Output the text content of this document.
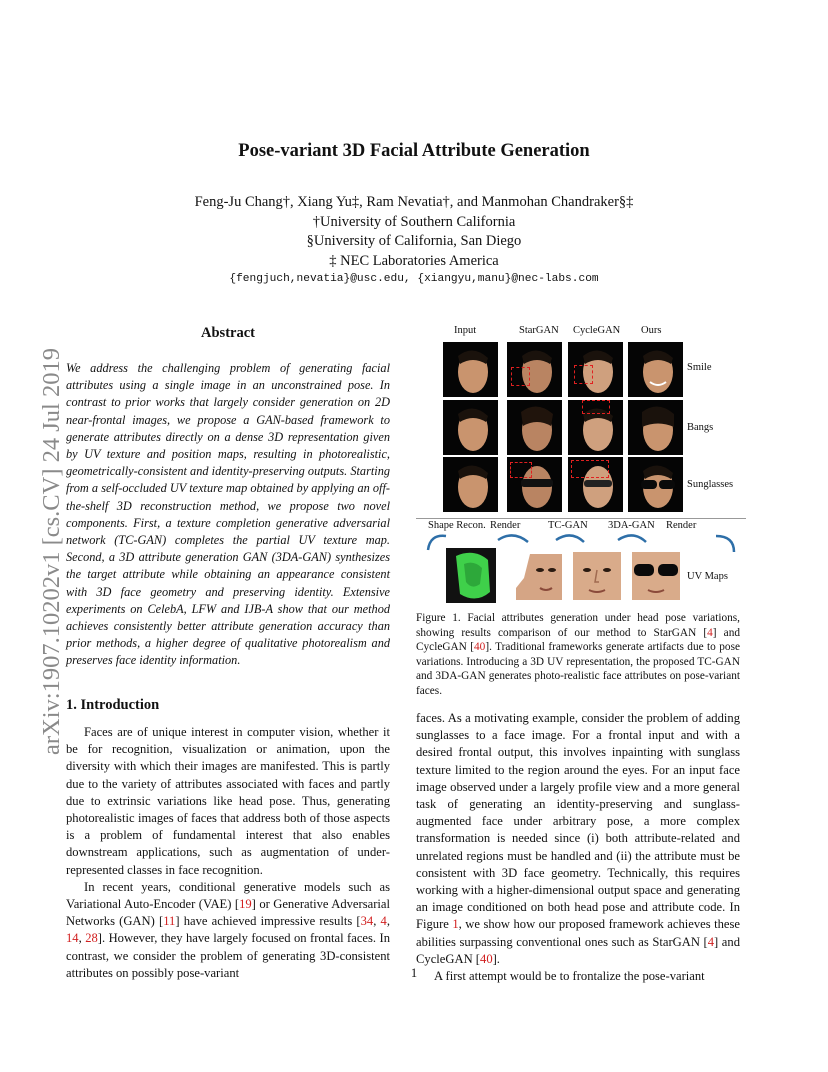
Pose-variant 3D Facial Attribute Generation
Feng-Ju Chang†, Xiang Yu‡, Ram Nevatia†, and Manmohan Chandraker§‡
†University of Southern California
§University of California, San Diego
‡ NEC Laboratories America
{fengjuch,nevatia}@usc.edu, {xiangyu,manu}@nec-labs.com
arXiv:1907.10202v1 [cs.CV] 24 Jul 2019
Abstract
We address the challenging problem of generating facial attributes using a single image in an unconstrained pose. In contrast to prior works that largely consider generation on 2D near-frontal images, we propose a GAN-based framework to generate attributes directly on a dense 3D representation given by UV texture and position maps, resulting in photorealistic, geometrically-consistent and identity-preserving outputs. Starting from a self-occluded UV texture map obtained by applying an off-the-shelf 3D reconstruction method, we propose two novel components. First, a texture completion generative adversarial network (TC-GAN) completes the partial UV texture map. Second, a 3D attribute generation GAN (3DA-GAN) synthesizes the target attribute while obtaining an appearance consistent with 3D face geometry and preserving identity. Extensive experiments on CelebA, LFW and IJB-A show that our method achieves consistently better attribute generation accuracy than prior methods, a higher degree of qualitative photorealism and preserves face identity information.
1. Introduction

Faces are of unique interest in computer vision, whether it be for recognition, visualization or animation, upon the diversity with which their images are manifested. This is partly due to the variety of attributes associated with faces and partly due to extrinsic variations like head pose. Thus, generating photorealistic images of faces that address both of those aspects is a problem of fundamental interest that also enables downstream applications, such as augmentation of under-represented classes in face recognition.

In recent years, conditional generative models such as Variational Auto-Encoder (VAE) [19] or Generative Adversarial Networks (GAN) [11] have achieved impressive results [34, 4, 14, 28]. However, they have largely focused on frontal faces. In contrast, we consider the problem of generating 3D-consistent attributes on possibly pose-variant

faces. As a motivating example, consider the problem of adding sunglasses to a face image. For a frontal input and with a desired frontal output, this involves inpainting with sunglass texture limited to the region around the eyes. For an input face image observed under a largely profile view and a more general task of generating an identity-preserving and sunglass-augmented face under arbitrary pose, a more complex transformation is needed since (i) both attribute-related and unrelated regions must be handled and (ii) the attribute must be consistent with 3D face geometry. Technically, this requires working with a higher-dimensional output space and generating an image conditioned on both head pose and attribute code. In Figure 1, we show how our proposed framework achieves these abilities surpassing conventional ones such as StarGAN [4] and CycleGAN [40].

A first attempt would be to frontalize the pose-variant

Input	StarGAN CycleGAN Ours
Smile
Bangs
Sunglasses
Shape Recon. Render	TC-GAN 3DA-GAN Render
UV Maps
Figure 1. Facial attributes generation under head pose variations, showing results comparison of our method to StarGAN [4] and CycleGAN [40]. Traditional frameworks generate artifacts due to pose variations. Introducing a 3D UV representation, the proposed TC-GAN and 3DA-GAN generates photo-realistic face attributes on pose-variant faces.
1
